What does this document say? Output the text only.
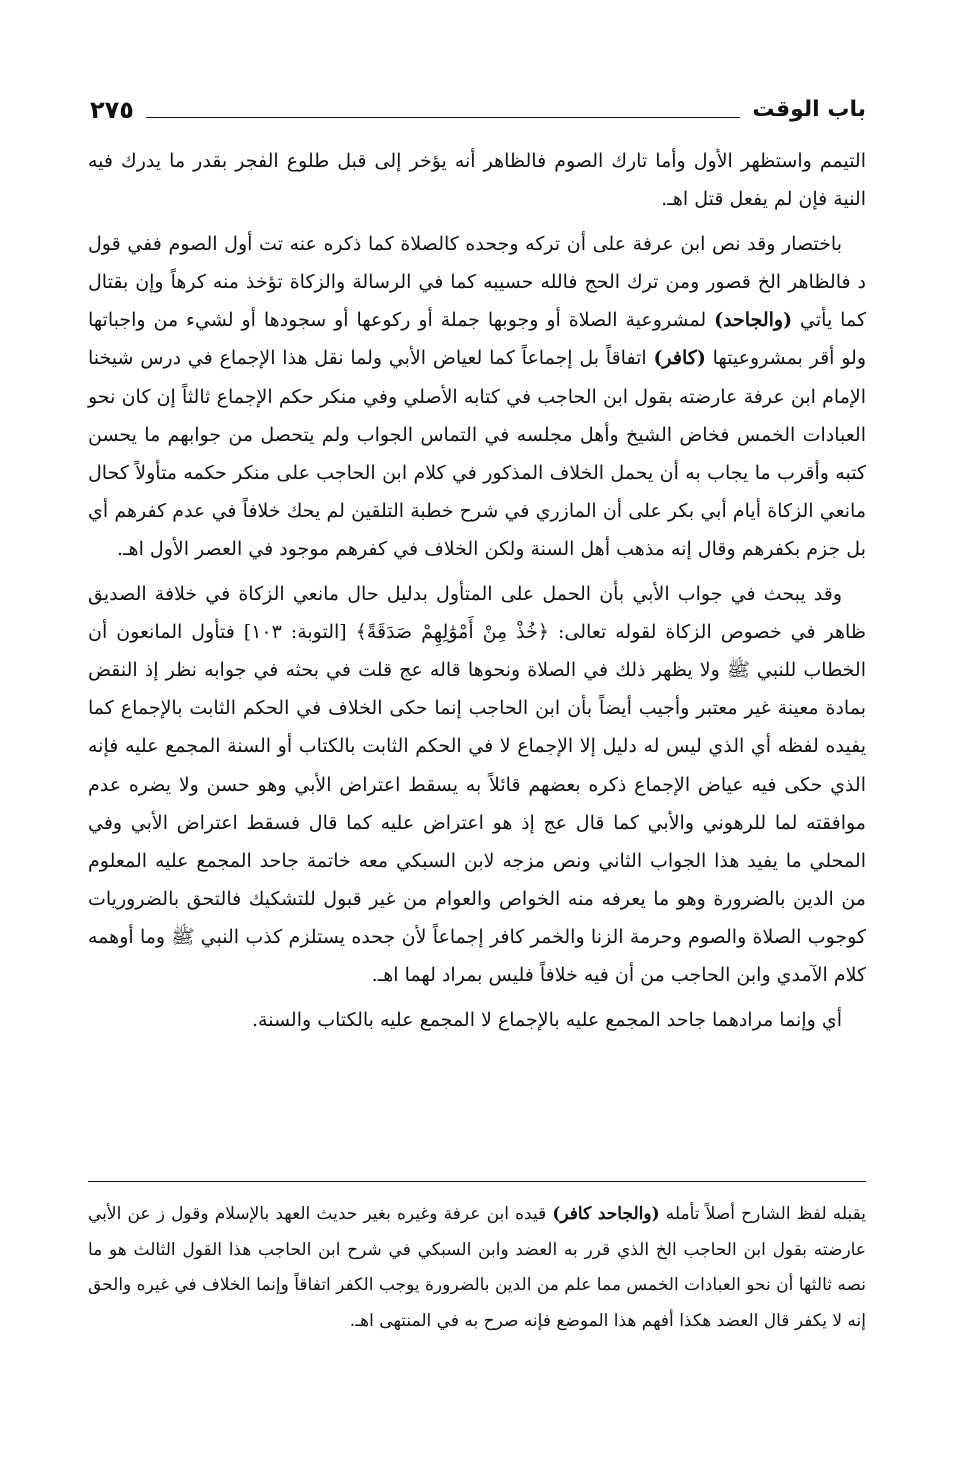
باب الوقت
٢٧٥

التيمم واستظهر الأول وأما تارك الصوم فالظاهر أنه يؤخر إلى قبل طلوع الفجر بقدر ما يدرك فيه النية فإن لم يفعل قتل اهـ.

باختصار وقد نص ابن عرفة على أن تركه وجحده كالصلاة كما ذكره عنه تت أول الصوم ففي قول د فالظاهر الخ قصور ومن ترك الحج فالله حسيبه كما في الرسالة والزكاة تؤخذ منه كرهاً وإن بقتال كما يأتي (والجاحد) لمشروعية الصلاة أو وجوبها جملة أو ركوعها أو سجودها أو لشيء من واجباتها ولو أقر بمشروعيتها (كافر) اتفاقاً بل إجماعاً كما لعياض الأبي ولما نقل هذا الإجماع في درس شيخنا الإمام ابن عرفة عارضته بقول ابن الحاجب في كتابه الأصلي وفي منكر حكم الإجماع ثالثاً إن كان نحو العبادات الخمس فخاض الشيخ وأهل مجلسه في التماس الجواب ولم يتحصل من جوابهم ما يحسن كتبه وأقرب ما يجاب به أن يحمل الخلاف المذكور في كلام ابن الحاجب على منكر حكمه متأولاً كحال مانعي الزكاة أيام أبي بكر على أن المازري في شرح خطبة التلقين لم يحك خلافاً في عدم كفرهم أي بل جزم بكفرهم وقال إنه مذهب أهل السنة ولكن الخلاف في كفرهم موجود في العصر الأول اهـ.

وقد يبحث في جواب الأبي بأن الحمل على المتأول بدليل حال مانعي الزكاة في خلافة الصديق ظاهر في خصوص الزكاة لقوله تعالى: ﴿خُذْ مِنْ أَمْوَٰلِهِمْ صَدَقَةً﴾ [التوبة: ١٠٣] فتأول المانعون أن الخطاب للنبي ﷺ ولا يظهر ذلك في الصلاة ونحوها قاله عج قلت في بحثه في جوابه نظر إذ النقض بمادة معينة غير معتبر وأجيب أيضاً بأن ابن الحاجب إنما حكى الخلاف في الحكم الثابت بالإجماع كما يفيده لفظه أي الذي ليس له دليل إلا الإجماع لا في الحكم الثابت بالكتاب أو السنة المجمع عليه فإنه الذي حكى فيه عياض الإجماع ذكره بعضهم قائلاً به يسقط اعتراض الأبي وهو حسن ولا يضره عدم موافقته لما للرهوني والأبي كما قال عج إذ هو اعتراض عليه كما قال فسقط اعتراض الأبي وفي المحلي ما يفيد هذا الجواب الثاني ونص مزجه لابن السبكي معه خاتمة جاحد المجمع عليه المعلوم من الدين بالضرورة وهو ما يعرفه منه الخواص والعوام من غير قبول للتشكيك فالتحق بالضروريات كوجوب الصلاة والصوم وحرمة الزنا والخمر كافر إجماعاً لأن جحده يستلزم كذب النبي ﷺ وما أوهمه كلام الآمدي وابن الحاجب من أن فيه خلافاً فليس بمراد لهما اهـ.

أي وإنما مرادهما جاحد المجمع عليه بالإجماع لا المجمع عليه بالكتاب والسنة.

يقبله لفظ الشارح أصلاً تأمله (والجاحد كافر) قيده ابن عرفة وغيره بغير حديث العهد بالإسلام وقول ز عن الأبي عارضته بقول ابن الحاجب الخ الذي قرر به العضد وابن السبكي في شرح ابن الحاجب هذا القول الثالث هو ما نصه ثالثها أن نحو العبادات الخمس مما علم من الدين بالضرورة يوجب الكفر اتفاقاً وإنما الخلاف في غيره والحق إنه لا يكفر قال العضد هكذا أفهم هذا الموضع فإنه صرح به في المنتهى اهـ.
